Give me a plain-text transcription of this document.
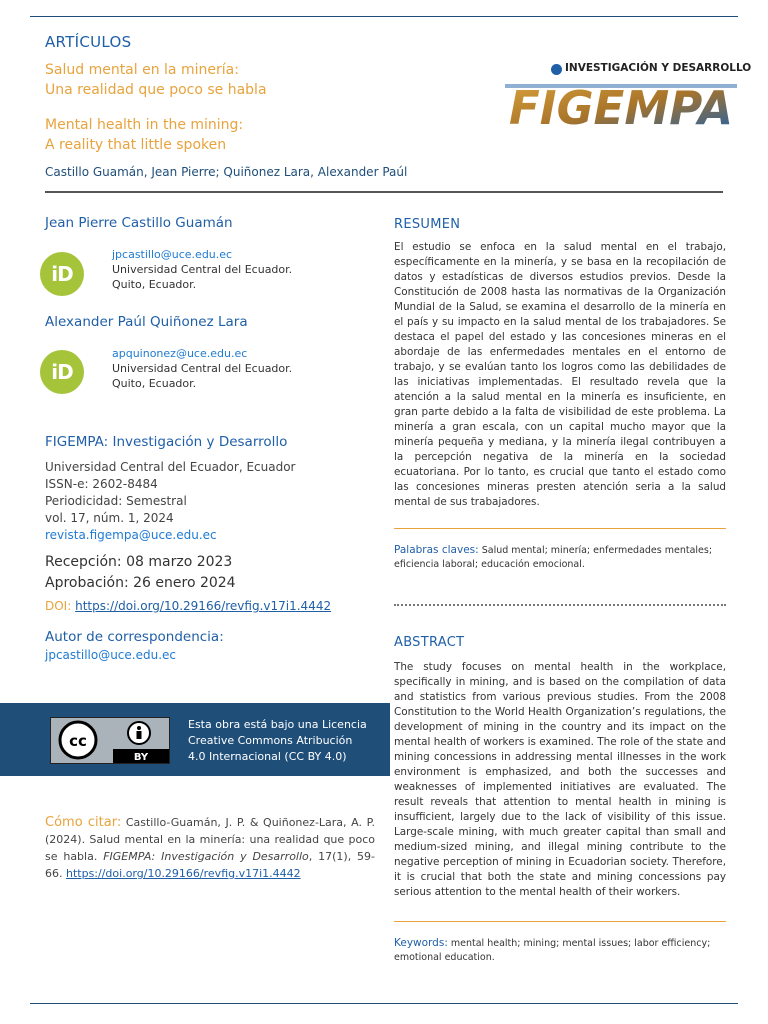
ARTÍCULOS
Salud mental en la minería:
Una realidad que poco se habla
Mental health in the mining:
A reality that little spoken
INVESTIGACIÓN Y DESARROLLO
FIGEMPA
Castillo Guamán, Jean Pierre; Quiñonez Lara, Alexander Paúl
Jean Pierre Castillo Guamán
iD
jpcastillo@uce.edu.ec
Universidad Central del Ecuador.
Quito, Ecuador.
Alexander Paúl Quiñonez Lara
iD
apquinonez@uce.edu.ec
Universidad Central del Ecuador.
Quito, Ecuador.
FIGEMPA: Investigación y Desarrollo
Universidad Central del Ecuador, Ecuador
ISSN-e: 2602-8484
Periodicidad: Semestral
vol. 17, núm. 1, 2024
revista.figempa@uce.edu.ec
Recepción: 08 marzo 2023
Aprobación: 26 enero 2024
DOI: https://doi.org/10.29166/revfig.v17i1.4442
Autor de correspondencia:
jpcastillo@uce.edu.ec
cc
BY
Esta obra está bajo una Licencia
Creative Commons Atribución
4.0 Internacional (CC BY 4.0)
Cómo citar: Castillo-Guamán, J. P. & Quiñonez-Lara, A. P. (2024). Salud mental en la minería: una realidad que poco se habla. FIGEMPA: Investigación y Desarrollo, 17(1), 59-66. https://doi.org/10.29166/revfig.v17i1.4442
RESUMEN
El estudio se enfoca en la salud mental en el trabajo, específicamente en la minería, y se basa en la recopilación de datos y estadísticas de diversos estudios previos. Desde la Constitución de 2008 hasta las normativas de la Organización Mundial de la Salud, se examina el desarrollo de la minería en el país y su impacto en la salud mental de los trabajadores. Se destaca el papel del estado y las concesiones mineras en el abordaje de las enfermedades mentales en el entorno de trabajo, y se evalúan tanto los logros como las debilidades de las iniciativas implementadas. El resultado revela que la atención a la salud mental en la minería es insuficiente, en gran parte debido a la falta de visibilidad de este problema. La minería a gran escala, con un capital mucho mayor que la minería pequeña y mediana, y la minería ilegal contribuyen a la percepción negativa de la minería en la sociedad ecuatoriana. Por lo tanto, es crucial que tanto el estado como las concesiones mineras presten atención seria a la salud mental de sus trabajadores.
Palabras claves: Salud mental; minería; enfermedades mentales; eficiencia laboral; educación emocional.
ABSTRACT
The study focuses on mental health in the workplace, specifically in mining, and is based on the compilation of data and statistics from various previous studies. From the 2008 Constitution to the World Health Organization’s regulations, the development of mining in the country and its impact on the mental health of workers is examined. The role of the state and mining concessions in addressing mental illnesses in the work environment is emphasized, and both the successes and weaknesses of implemented initiatives are evaluated. The result reveals that attention to mental health in mining is insufficient, largely due to the lack of visibility of this issue. Large-scale mining, with much greater capital than small and medium-sized mining, and illegal mining contribute to the negative perception of mining in Ecuadorian society. Therefore, it is crucial that both the state and mining concessions pay serious attention to the mental health of their workers.
Keywords: mental health; mining; mental issues; labor efficiency; emotional education.
